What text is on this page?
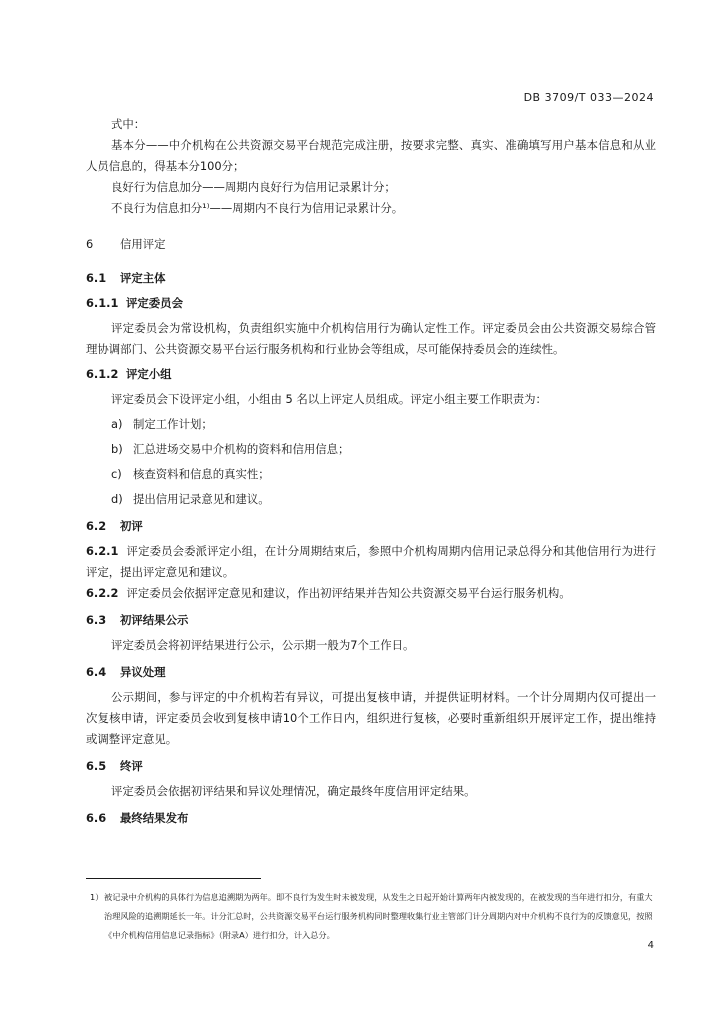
DB 3709/T 033—2024

式中：

基本分——中介机构在公共资源交易平台规范完成注册，按要求完整、真实、准确填写用户基本信息和从业人员信息的，得基本分100分；

良好行为信息加分——周期内良好行为信用记录累计分；

不良行为信息扣分¹⁾——周期内不良行为信用记录累计分。

6 信用评定

6.1 评定主体

6.1.1 评定委员会

评定委员会为常设机构，负责组织实施中介机构信用行为确认定性工作。评定委员会由公共资源交易综合管理协调部门、公共资源交易平台运行服务机构和行业协会等组成，尽可能保持委员会的连续性。

6.1.2 评定小组

评定委员会下设评定小组，小组由 5 名以上评定人员组成。评定小组主要工作职责为：

a) 制定工作计划；

b) 汇总进场交易中介机构的资料和信用信息；

c) 核查资料和信息的真实性；

d) 提出信用记录意见和建议。

6.2 初评

6.2.1 评定委员会委派评定小组，在计分周期结束后，参照中介机构周期内信用记录总得分和其他信用行为进行评定，提出评定意见和建议。

6.2.2 评定委员会依据评定意见和建议，作出初评结果并告知公共资源交易平台运行服务机构。

6.3 初评结果公示

评定委员会将初评结果进行公示，公示期一般为7个工作日。

6.4 异议处理

公示期间，参与评定的中介机构若有异议，可提出复核申请，并提供证明材料。一个计分周期内仅可提出一次复核申请，评定委员会收到复核申请10个工作日内，组织进行复核，必要时重新组织开展评定工作，提出维持或调整评定意见。

6.5 终评

评定委员会依据初评结果和异议处理情况，确定最终年度信用评定结果。

6.6 最终结果发布

1） 被记录中介机构的具体行为信息追溯期为两年。即不良行为发生时未被发现，从发生之日起开始计算两年内被发现的，在被发现的当年进行扣分，有重大治理风险的追溯期延长一年。计分汇总时，公共资源交易平台运行服务机构同时整理收集行业主管部门计分周期内对中介机构不良行为的反馈意见，按照《中介机构信用信息记录指标》（附录A）进行扣分，计入总分。
4
